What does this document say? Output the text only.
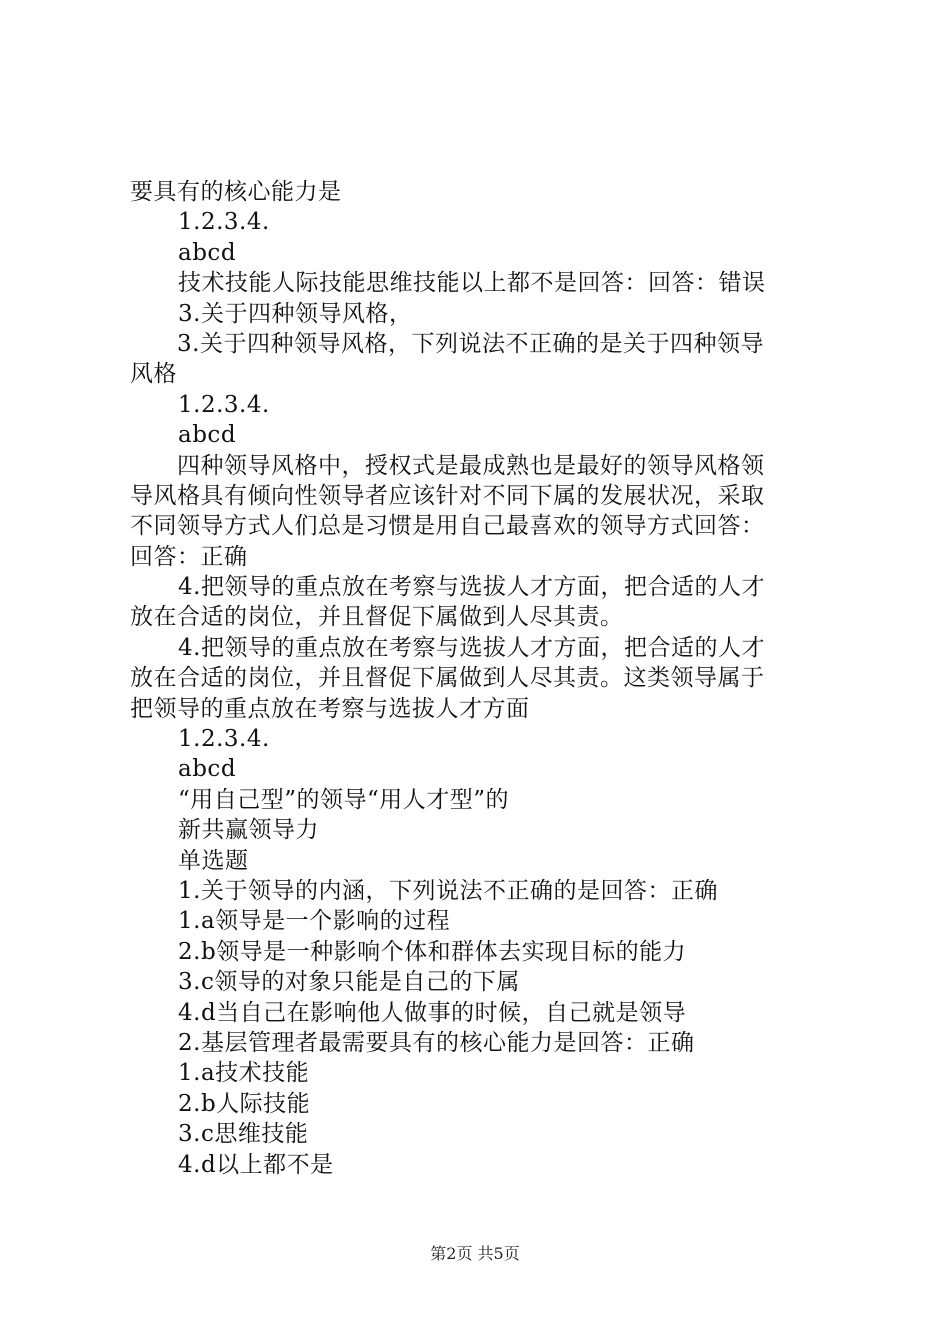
要具有的核心能力是
1.2.3.4.
abcd
技术技能人际技能思维技能以上都不是回答：回答：错误
3.关于四种领导风格，
3.关于四种领导风格，下列说法不正确的是关于四种领导
风格
1.2.3.4.
abcd
四种领导风格中，授权式是最成熟也是最好的领导风格领
导风格具有倾向性领导者应该针对不同下属的发展状况，采取
不同领导方式人们总是习惯是用自己最喜欢的领导方式回答：
回答：正确
4.把领导的重点放在考察与选拔人才方面，把合适的人才
放在合适的岗位，并且督促下属做到人尽其责。
4.把领导的重点放在考察与选拔人才方面，把合适的人才
放在合适的岗位，并且督促下属做到人尽其责。这类领导属于
把领导的重点放在考察与选拔人才方面
1.2.3.4.
abcd
“用自己型”的领导“用人才型”的
新共赢领导力
单选题
1.关于领导的内涵，下列说法不正确的是回答：正确
1.a领导是一个影响的过程
2.b领导是一种影响个体和群体去实现目标的能力
3.c领导的对象只能是自己的下属
4.d当自己在影响他人做事的时候，自己就是领导
2.基层管理者最需要具有的核心能力是回答：正确
1.a技术技能
2.b人际技能
3.c思维技能
4.d以上都不是
第2页 共5页
